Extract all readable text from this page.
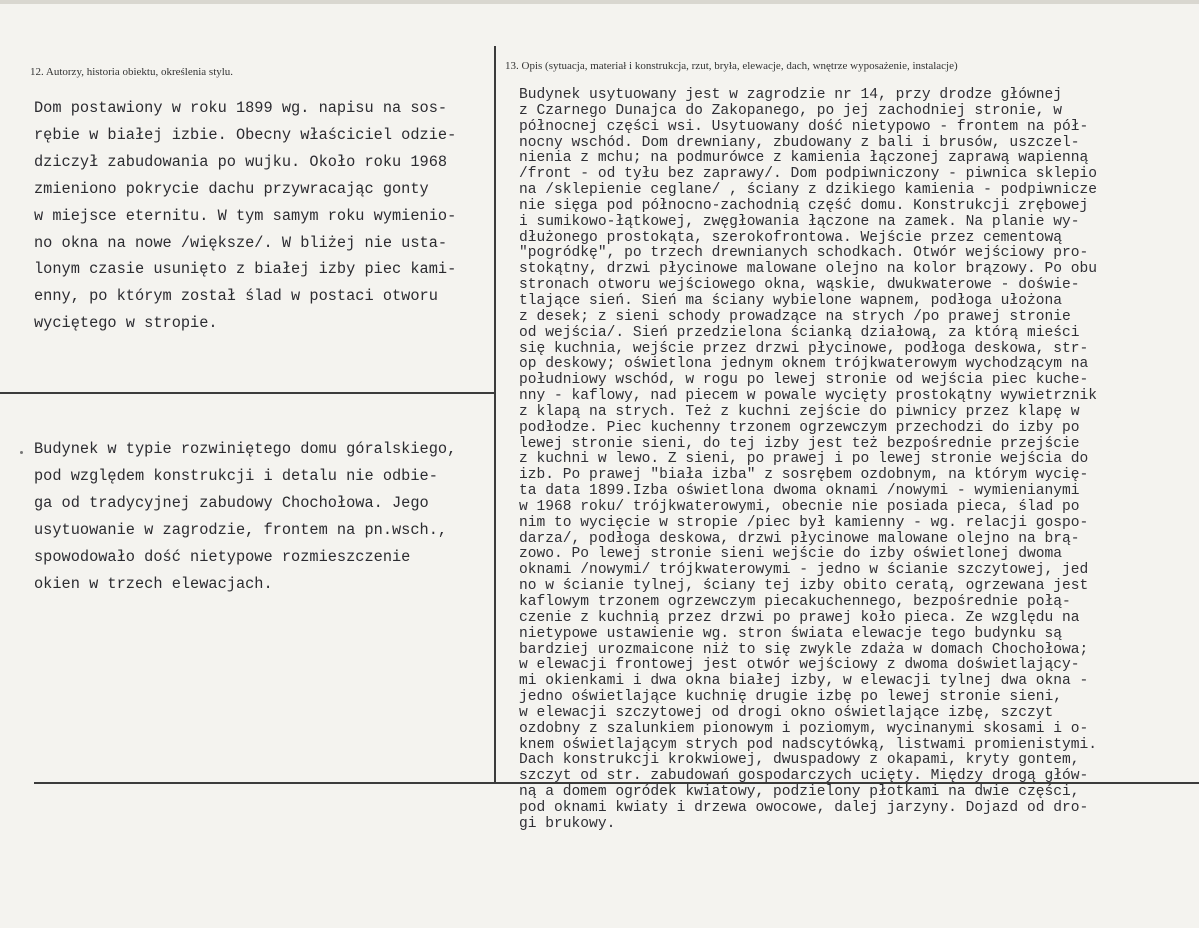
12. Autorzy, historia obiektu, określenia stylu.	13. Opis (sytuacja, materiał i konstrukcja, rzut, bryła, elewacje, dach, wnętrze wyposażenie, instalacje)
Dom postawiony w roku 1899 wg. napisu na sos-
rębie w białej izbie. Obecny właściciel odzie-
dziczył zabudowania po wujku. Około roku 1968
zmieniono pokrycie dachu przywracając gonty
w miejsce eternitu. W tym samym roku wymienio-
no okna na nowe /większe/. W bliżej nie usta-
lonym czasie usunięto z białej izby piec kami-
enny, po którym został ślad w postaci otworu
wyciętego w stropie.
Budynek w typie rozwiniętego domu góralskiego,
pod względem konstrukcji i detalu nie odbie-
ga od tradycyjnej zabudowy Chochołowa. Jego
usytuowanie w zagrodzie, frontem na pn.wsch.,
spowodowało dość nietypowe rozmieszczenie
okien w trzech elewacjach.
Budynek usytuowany jest w zagrodzie nr 14, przy drodze głównej
z Czarnego Dunajca do Zakopanego, po jej zachodniej stronie, w
północnej części wsi. Usytuowany dość nietypowo - frontem na pół-
nocny wschód. Dom drewniany, zbudowany z bali i brusów, uszczel-
nienia z mchu; na podmurówce z kamienia łączonej zaprawą wapienną
/front - od tyłu bez zaprawy/. Dom podpiwniczony - piwnica sklepio
na /sklepienie ceglane/ , ściany z dzikiego kamienia - podpiwnicze
nie sięga pod północno-zachodnią część domu. Konstrukcji zrębowej
i sumikowo-łątkowej, zwęgłowania łączone na zamek. Na planie wy-
dłużonego prostokąta, szerokofrontowa. Wejście przez cementową
"pogródkę", po trzech drewnianych schodkach. Otwór wejściowy pro-
stokątny, drzwi płycinowe malowane olejno na kolor brązowy. Po obu
stronach otworu wejściowego okna, wąskie, dwukwaterowe - doświe-
tlające sień. Sień ma ściany wybielone wapnem, podłoga ułożona
z desek; z sieni schody prowadzące na strych /po prawej stronie
od wejścia/. Sień przedzielona ścianką działową, za którą mieści
się kuchnia, wejście przez drzwi płycinowe, podłoga deskowa, str-
op deskowy; oświetlona jednym oknem trójkwaterowym wychodzącym na
południowy wschód, w rogu po lewej stronie od wejścia piec kuche-
nny - kaflowy, nad piecem w powale wycięty prostokątny wywietrznik
z klapą na strych. Też z kuchni zejście do piwnicy przez klapę w
podłodze. Piec kuchenny trzonem ogrzewczym przechodzi do izby po
lewej stronie sieni, do tej izby jest też bezpośrednie przejście
z kuchni w lewo. Z sieni, po prawej i po lewej stronie wejścia do
izb. Po prawej "biała izba" z sosrębem ozdobnym, na którym wycię-
ta data 1899.Izba oświetlona dwoma oknami /nowymi - wymienianymi
w 1968 roku/ trójkwaterowymi, obecnie nie posiada pieca, ślad po
nim to wycięcie w stropie /piec był kamienny - wg. relacji gospo-
darza/, podłoga deskowa, drzwi płycinowe malowane olejno na brą-
zowo. Po lewej stronie sieni wejście do izby oświetlonej dwoma
oknami /nowymi/ trójkwaterowymi - jedno w ścianie szczytowej, jed
no w ścianie tylnej, ściany tej izby obito ceratą, ogrzewana jest
kaflowym trzonem ogrzewczym piecakuchennego, bezpośrednie połą-
czenie z kuchnią przez drzwi po prawej koło pieca. Ze względu na
nietypowe ustawienie wg. stron świata elewacje tego budynku są
bardziej urozmaicone niż to się zwykle zdaża w domach Chochołowa;
w elewacji frontowej jest otwór wejściowy z dwoma doświetlający-
mi okienkami i dwa okna białej izby, w elewacji tylnej dwa okna -
jedno oświetlające kuchnię drugie izbę po lewej stronie sieni,
w elewacji szczytowej od drogi okno oświetlające izbę, szczyt
ozdobny z szalunkiem pionowym i poziomym, wycinanymi skosami i o-
knem oświetlającym strych pod nadscytówką, listwami promienistymi.
Dach konstrukcji krokwiowej, dwuspadowy z okapami, kryty gontem,
szczyt od str. zabudowań gospodarczych ucięty. Między drogą głów-
ną a domem ogródek kwiatowy, podzielony płotkami na dwie części,
pod oknami kwiaty i drzewa owocowe, dalej jarzyny. Dojazd od dro-
gi brukowy.
